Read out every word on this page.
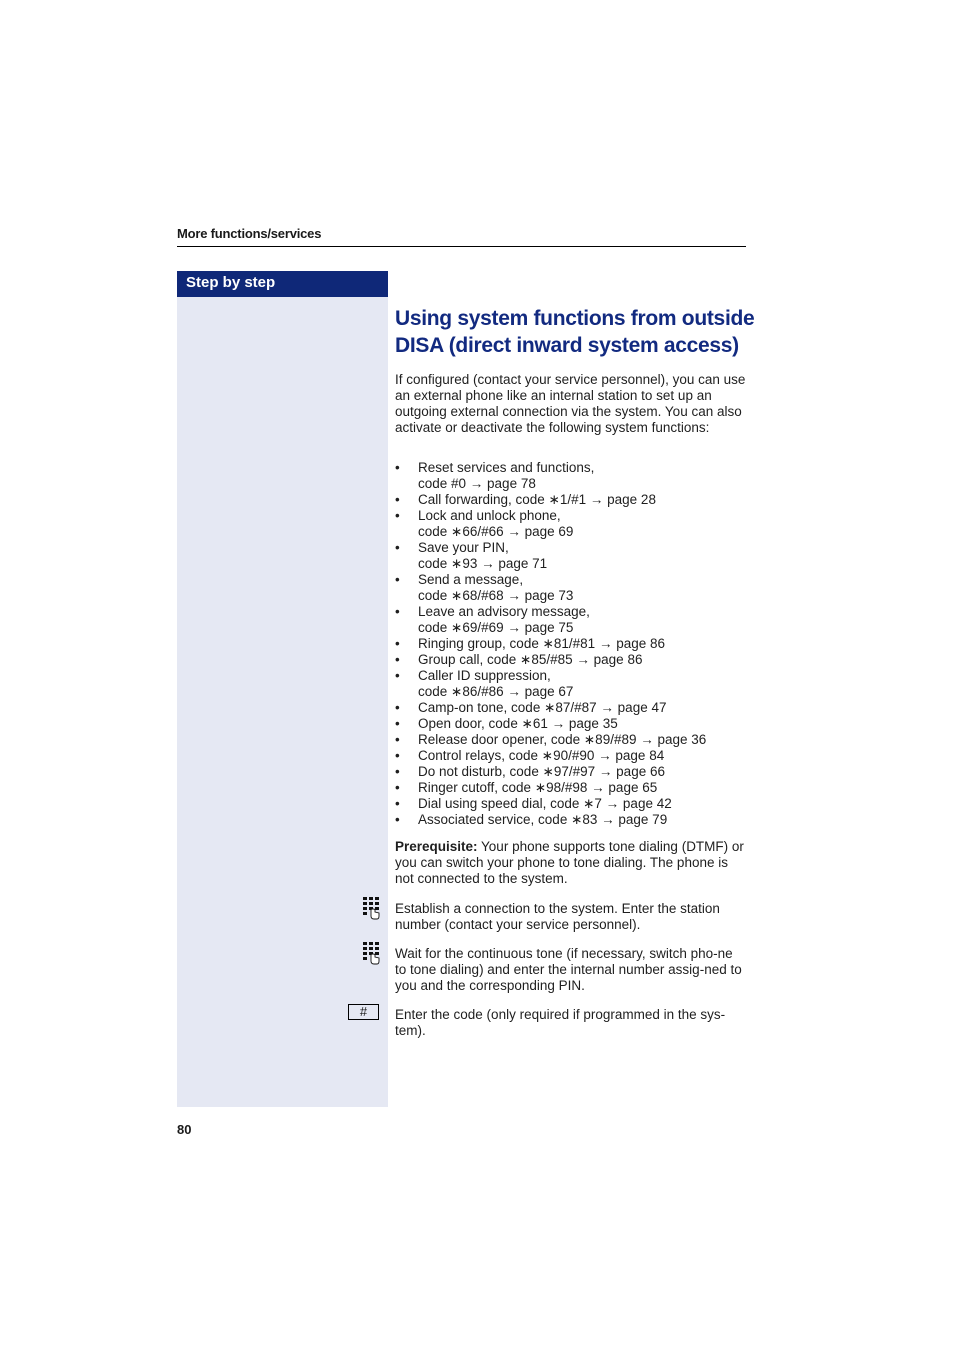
More functions/services
Step by step
Using system functions from outside
DISA (direct inward system access)
If configured (contact your service personnel), you can use an external phone like an internal station to set up an outgoing external connection via the system. You can also activate or deactivate the following system functions:
• Reset services and functions,
code #0 → page 78
• Call forwarding, code ∗1/#1 → page 28
• Lock and unlock phone,
code ∗66/#66 → page 69
• Save your PIN,
code ∗93 → page 71
• Send a message,
code ∗68/#68 → page 73
• Leave an advisory message,
code ∗69/#69 → page 75
• Ringing group, code ∗81/#81 → page 86
• Group call, code ∗85/#85 → page 86
• Caller ID suppression,
code ∗86/#86 → page 67
• Camp-on tone, code ∗87/#87 → page 47
• Open door, code ∗61 → page 35
• Release door opener, code ∗89/#89 → page 36
• Control relays, code ∗90/#90 → page 84
• Do not disturb, code ∗97/#97 → page 66
• Ringer cutoff, code ∗98/#98 → page 65
• Dial using speed dial, code ∗7 → page 42
• Associated service, code ∗83 → page 79
Prerequisite: Your phone supports tone dialing (DTMF) or you can switch your phone to tone dialing. The phone is not connected to the system.
Establish a connection to the system. Enter the station number (contact your service personnel).
Wait for the continuous tone (if necessary, switch pho-ne to tone dialing) and enter the internal number assig-ned to you and the corresponding PIN.
#	Enter the code (only required if programmed in the sys-tem).
80
